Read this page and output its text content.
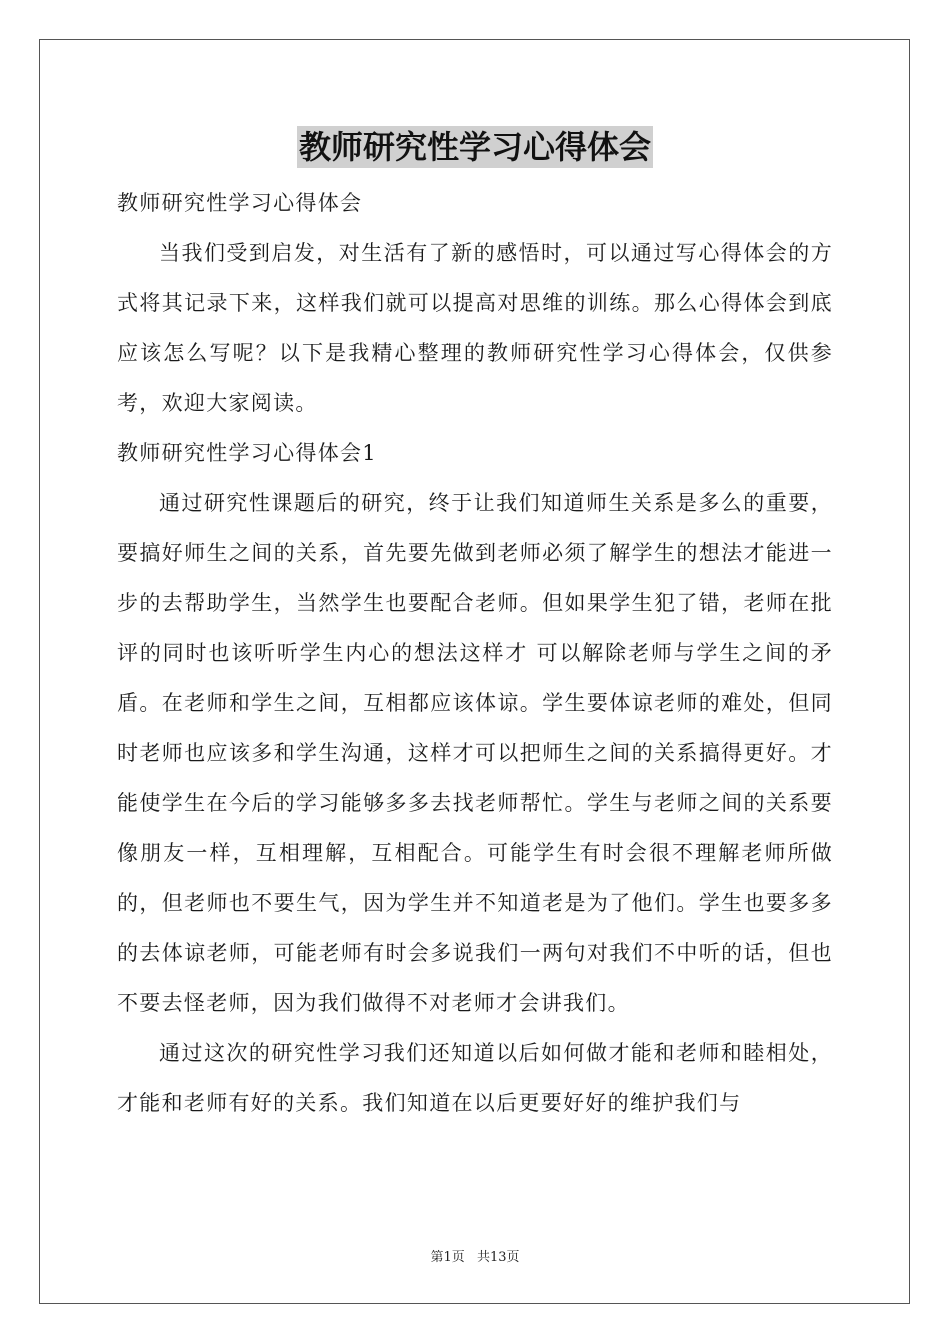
教师研究性学习心得体会

教师研究性学习心得体会

当我们受到启发，对生活有了新的感悟时，可以通过写心得体会的方式将其记录下来，这样我们就可以提高对思维的训练。那么心得体会到底应该怎么写呢？以下是我精心整理的教师研究性学习心得体会，仅供参考，欢迎大家阅读。

教师研究性学习心得体会1

通过研究性课题后的研究，终于让我们知道师生关系是多么的重要，要搞好师生之间的关系，首先要先做到老师必须了解学生的想法才能进一步的去帮助学生，当然学生也要配合老师。但如果学生犯了错，老师在批评的同时也该听听学生内心的想法这样才 可以解除老师与学生之间的矛盾。在老师和学生之间，互相都应该体谅。学生要体谅老师的难处，但同时老师也应该多和学生沟通，这样才可以把师生之间的关系搞得更好。才能使学生在今后的学习能够多多去找老师帮忙。学生与老师之间的关系要像朋友一样，互相理解，互相配合。可能学生有时会很不理解老师所做的，但老师也不要生气，因为学生并不知道老是为了他们。学生也要多多的去体谅老师，可能老师有时会多说我们一两句对我们不中听的话，但也不要去怪老师，因为我们做得不对老师才会讲我们。

通过这次的研究性学习我们还知道以后如何做才能和老师和睦相处，才能和老师有好的关系。我们知道在以后更要好好的维护我们与

第1页 共13页
